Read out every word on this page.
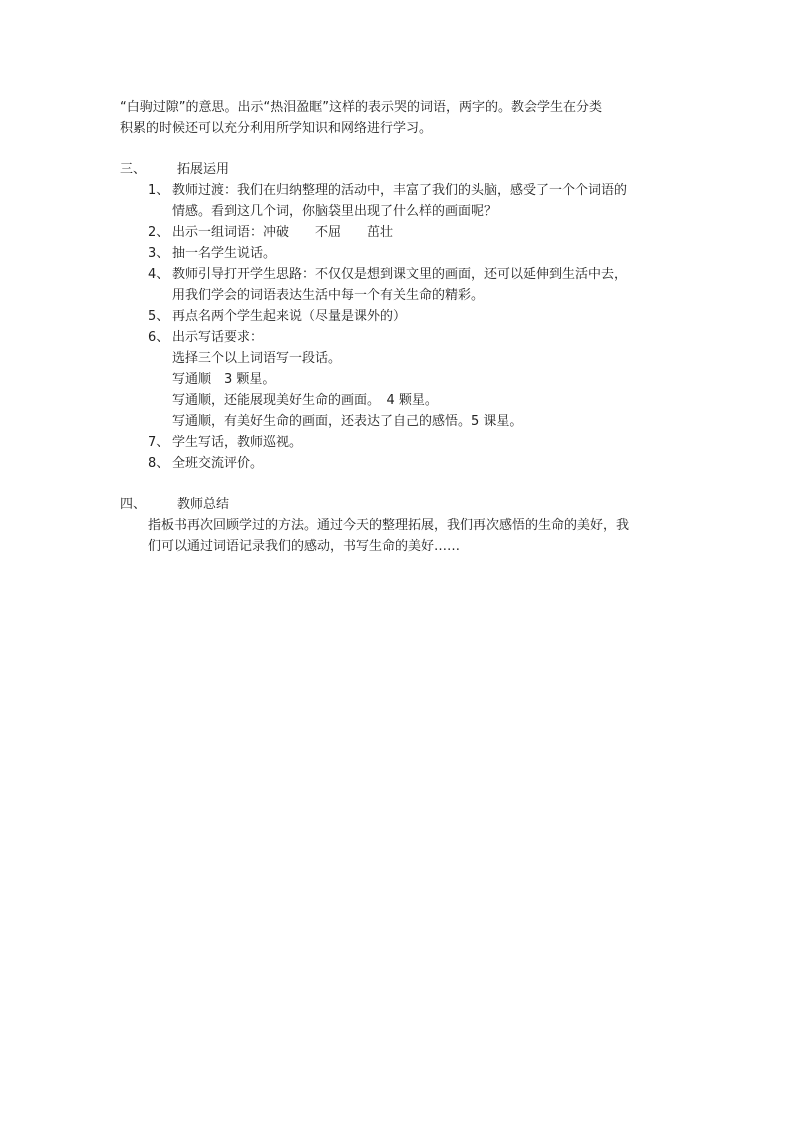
“白驹过隙”的意思。出示“热泪盈眶”这样的表示哭的词语，两字的。教会学生在分类
积累的时候还可以充分利用所学知识和网络进行学习。
三、 拓展运用
1、 教师过渡：我们在归纳整理的活动中，丰富了我们的头脑，感受了一个个词语的
情感。看到这几个词，你脑袋里出现了什么样的画面呢？
2、 出示一组词语：冲破　　不屈　　茁壮
3、 抽一名学生说话。
4、 教师引导打开学生思路：不仅仅是想到课文里的画面，还可以延伸到生活中去，
用我们学会的词语表达生活中每一个有关生命的精彩。
5、 再点名两个学生起来说（尽量是课外的）
6、 出示写话要求：
选择三个以上词语写一段话。
写通顺　3 颗星。
写通顺，还能展现美好生命的画面。　4 颗星。
写通顺，有美好生命的画面，还表达了自己的感悟。5 课星。
7、 学生写话，教师巡视。
8、 全班交流评价。
四、 教师总结
指板书再次回顾学过的方法。通过今天的整理拓展，我们再次感悟的生命的美好，我
们可以通过词语记录我们的感动，书写生命的美好……
